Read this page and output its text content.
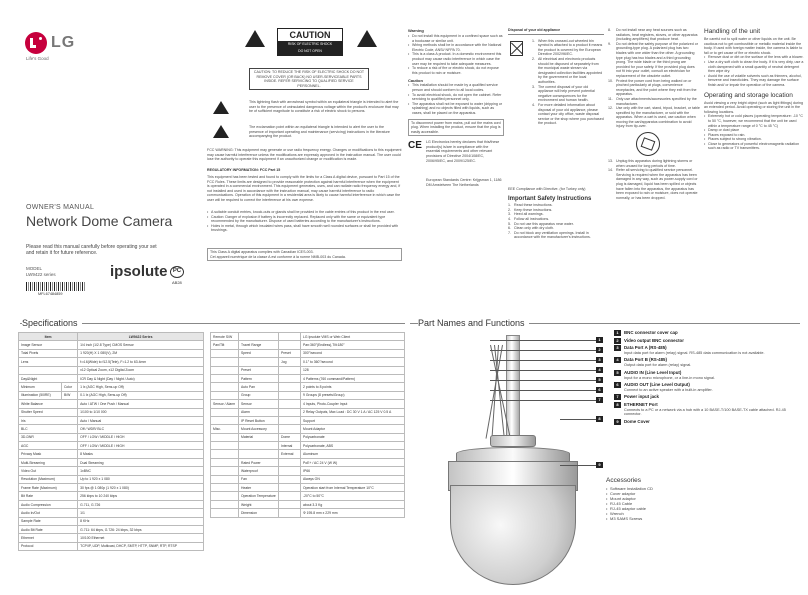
LG
Life's Good
OWNER'S MANUAL
Network Dome Camera
Please read this manual carefully before operating your set and retain it for future reference.
MODEL
LW9422 series	ipsolute РС
AB28
MFL67484859
CAUTION
RISK OF ELECTRIC SHOCK
DO NOT OPEN
CAUTION: TO REDUCE THE RISK OF ELECTRIC SHOCK DO NOT REMOVE COVER (OR BACK) NO USER-SERVICEABLE PARTS INSIDE. REFER SERVICING TO QUALIFIED SERVICE PERSONNEL.
This lightning flash with arrowhead symbol within an equilateral triangle is intended to alert the user to the presence of uninsulated dangerous voltage within the product's enclosure that may be of sufficient magnitude to constitute a risk of electric shock to persons.
The exclamation point within an equilateral triangle is intended to alert the user to the presence of important operating and maintenance (servicing) instructions in the literature accompanying the product.
FCC WARNING: This equipment may generate or use radio frequency energy. Changes or modifications to this equipment may cause harmful interference unless the modifications are expressly approved in the instruction manual. The user could lose the authority to operate this equipment if an unauthorized change or modification is made.
REGULATORY INFORMATION: FCC Part 15
This equipment has been tested and found to comply with the limits for a Class A digital device, pursuant to Part 15 of the FCC Rules. These limits are designed to provide reasonable protection against harmful interference when the equipment is operated in a commercial environment. This equipment generates, uses, and can radiate radio frequency energy and, if not installed and used in accordance with the instruction manual, may cause harmful interference to radio communications. Operation of this equipment in a residential area is likely to cause harmful interference in which case the user will be required to correct the interference at his own expense.
• A suitable conduit entries, knock-outs or glands shall be provided in the cable entries of this product in the end user.
• Caution: Danger of explosion if battery is incorrectly replaced. Replaced only with the same or equivalent type recommended by the manufacturer. Dispose of used batteries according to the manufacturer's instructions.
• Holes in metal, through which insulated wires pass, shall have smooth well rounded surfaces or shall be provided with brushings.
This Class A digital apparatus complies with Canadian ICES-003.
Cet appareil numérique de la classe A est conforme à la norme NMB-003 du Canada.
Warning
• Do not install this equipment in a confined space such as a bookcase or similar unit.
• Wiring methods shall be in accordance with the National Electric Code, ANSI/ NFPA 70.
• This is a class A product. In a domestic environment this product may cause radio interference in which case the user may be required to take adequate measures.
• To reduce a risk of fire or electric shock, do not expose this product to rain or moisture.
Caution
• This installation should be made by a qualified service person and should conform to all local codes.
• To avoid electrical shock, do not open the cabinet. Refer servicing to qualified personnel only.
• The apparatus shall not be exposed to water (dripping or splashing) and no objects filled with liquids, such as vases, shall be placed on the apparatus.
To disconnect power from mains, pull out the mains cord plug. When installing the product, ensure that the plug is easily accessible.
CE LG Electronics hereby declares that this/these product(s) is/are in compliance with the essential requirements and other relevant provisions of Directive 2004/108/EC, 2006/95/EC, and 2009/125/EC.
European Standards Centre: Krijgsman 1, 1186 DM Amstelveen The Netherlands
Disposal of your old appliance
1. When this crossed-out wheeled bin symbol is attached to a product it means the product is covered by the European Directive 2002/96/EC.
2. All electrical and electronic products should be disposed of separately from the municipal waste stream via designated collection facilities appointed by the government or the local authorities.
3. The correct disposal of your old appliance will help prevent potential negative consequences for the environment and human health.
4. For more detailed information about disposal of your old appliance, please contact your city office, waste disposal service or the shop where you purchased the product.
EEE Compliance with Directive. (for Turkey only)
Important Safety Instructions
1. Read these instructions.
2. Keep these instructions.
3. Heed all warnings.
4. Follow all instructions.
5. Do not use this apparatus near water.
6. Clean only with dry cloth.
7. Do not block any ventilation openings. Install in accordance with the manufacturer's instructions.
8. Do not install near any heat sources such as radiators, heat registers, stoves, or other apparatus (including amplifiers) that produce heat.
9. Do not defeat the safety purpose of the polarized or grounding-type plug. A polarized plug has two blades with one wider than the other. A grounding type plug has two blades and a third grounding prong. The wide blade or the third prong are provided for your safety. If the provided plug does not fit into your outlet, consult an electrician for replacement of the obsolete outlet.
10. Protect the power cord from being walked on or pinched particularly at plugs, convenience receptacles, and the point where they exit from the apparatus.
11. Only use attachments/accessories specified by the manufacturer.
12. Use only with the cart, stand, tripod, bracket, or table specified by the manufacturer, or sold with the apparatus. When a cart is used, use caution when moving the cart/apparatus combination to avoid injury from tip-over.
13. Unplug this apparatus during lightning storms or when unused for long periods of time.
14. Refer all servicing to qualified service personnel. Servicing is required when the apparatus has been damaged in any way, such as power-supply cord or plug is damaged, liquid has been spilled or objects have fallen into the apparatus, the apparatus has been exposed to rain or moisture, does not operate normally, or has been dropped.
Handling of the unit
Be careful not to spill water or other liquids on the unit. Be cautious not to get combustible or metallic material inside the body. If used with foreign matter inside, the camera is liable to fail or to get cause of fire or electric shock.
• Remove dust or dirt on the surface of the lens with a blower.
• Use a dry soft cloth to clean the body. If it is very dirty, use a cloth dampened with a small quantity of neutral detergent then wipe dry.
• Avoid the use of volatile solvents such as thinners, alcohol, benzene and insecticides. They may damage the surface finish and/ or impair the operation of the camera.
Operating and storage location
Avoid viewing a very bright object (such as light fittings) during an extended period. Avoid operating or storing the unit in the following locations.
• Extremely hot or cold places (operating temperature: -10 °C to 50 °C, however, we recommend that the unit be used within a temperature range of 0 °C to 45 °C)
• Damp or dust place
• Places exposed to rain.
• Places subject to strong vibration.
• Close to generators of powerful electromagnetic radiation such as radio or TV transmitters.
Specifications
Item		LW9422 Series
Image Sensor		1/4 inch (1/2.8 Type) CMOS Sensor
Total Pixels		1 920(H) X 1 080(V), 2M
Lens		f=4.6(Wide) to f12.5(Tele), F=1.2 to 63.4mm
		x12 Optical Zoom, x12 Digital Zoom
Day&Night		ICR Day & Night (Day / Night / Auto)
Minimum	Color	1 lx (AGC High, Sens-up Off)
Illumination (50IRE)	B/W	0.1 lx (AGC High, Sens-up Off)
White Balance		Auto / ATW / One Push / Manual
Shutter Speed		1/100 to 1/10 000
Iris		Auto / Manual
BLC		Off / WDR/ BLC
3D-DNR		OFF / LOW / MIDDLE / HIGH
AGC		OFF / LOW / MIDDLE / HIGH
Privacy Mask		8 Masks
Multi-Streaming		Dual Streaming
Video Out		1xBNC
Resolution (Maximum)		Up to 1 920 x 1 080
Frame Rate (Maximum)		30 fps @ 1 080p (1 920 x 1 080)
Bit Rate		256 kbps to 10 240 kbps
Audio Compression		G.711, G.726
Audio In/Out		1/1
Sample Rate		8 KHz
Audio Bit Rate		G.711: 64 kbps, G.726: 24 kbps, 32 kbps
Ethernet		10/100 Ethernet
Protocol		TCP/IP, UDP, Multicast, DHCP, SMTP, HTTP, SNMP, RTP, RTSP
Remote S/W			LG Ipsolute VMS or Web Client
Pan/Tilt	Travel Range		Pan:360°(Endless),Tilt:180°
	Speed	Preset	300°/second
		Jog	0.1° to 360°/second
	Preset		128
	Pattern		4 Patterns (760 command/Pattern)
	Auto Pan		2 points to 8 points
	Group		9 Groups (8 presets/Group)
Sensor / Alarm	Sensor		4 Inputs, Photo-Coupler Input
	Alarm		2 Relay Outputs, Max Load : DC 30 V 1 A / AC 125 V 0.5 A
	IP Reset Button		Support
Misc.	Mount Accessory		Mount Adaptor
	Material	Dome	Polycarbonate
		Internal	Polycarbonate, ABS
		External	Aluminum
	Rated Power		PoE+ / AC 24 V (W W)
	Waterproof		IP66
	Fan		Always ON
	Heater		Operation start from Internal Temperature 10°C
	Operation Temperature		-20°C to 50°C
	Weight		about 3.3 Kg
	Dimension		Φ 195.8 mm x 229 mm
Part Names and Functions
1
2
3
4
5
6
7
8
9
1	BNC connector cover cap
2	Video output BNC connector
3	Data Port A (RS-485)
Input data port for alarm (relay) signal. RS-485 data communication is not available.
4	Data Port B (RS-485)
Output data port for alarm (relay) signal.
5	AUDIO IN (Line Level Input)
Input for a mono microphone, or a line-in mono signal.
6	AUDIO OUT (Line Level Output)
Connect to an active speaker with a built-in amplifier.
7	Power input jack
8	ETHERNET Port
Connects to a PC or a network via a hub with a 10 BASE-T/100 BASE-TX cable attached. RJ-45 connector.
9	Dome Cover
Accessories
• Software Installation CD
• Cover adaptor
• Mount adaptor
• RJ-45 Cable
• RJ-45 adaptor cable
• Wrench
• M3 SAMS Screws
